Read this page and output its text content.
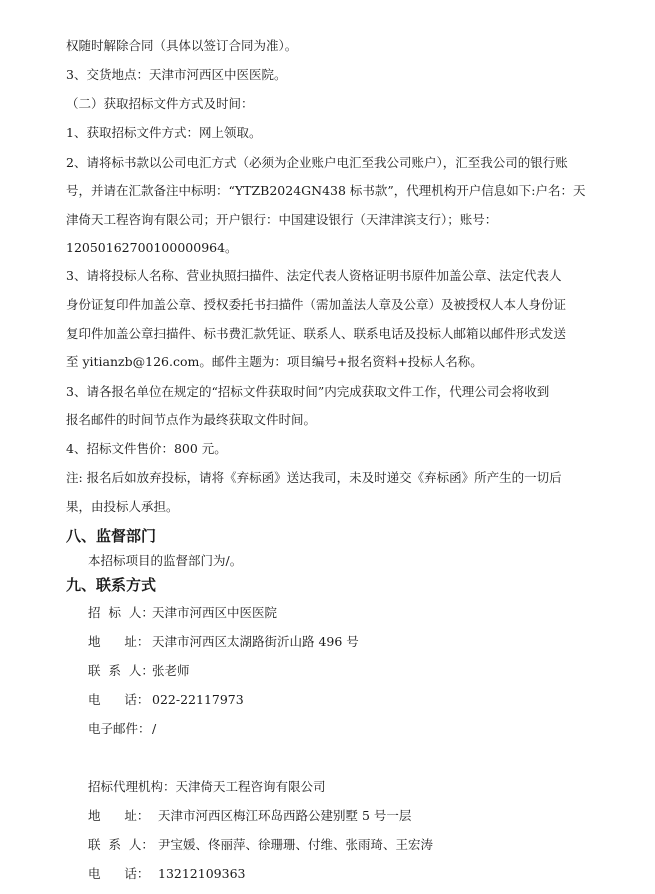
权随时解除合同（具体以签订合同为准）。
3、交货地点：天津市河西区中医医院。
（二）获取招标文件方式及时间：
1、获取招标文件方式：网上领取。
2、请将标书款以公司电汇方式（必须为企业账户电汇至我公司账户），汇至我公司的银行账
号，并请在汇款备注中标明：“YTZB2024GN438 标书款”，代理机构开户信息如下:户名：天
津倚天工程咨询有限公司；开户银行：中国建设银行（天津津滨支行）；账号：
12050162700100000964。
3、请将投标人名称、营业执照扫描件、法定代表人资格证明书原件加盖公章、法定代表人
身份证复印件加盖公章、授权委托书扫描件（需加盖法人章及公章）及被授权人本人身份证
复印件加盖公章扫描件、标书费汇款凭证、联系人、联系电话及投标人邮箱以邮件形式发送
至 yitianzb@126.com。邮件主题为：项目编号+报名资料+投标人名称。
3、请各报名单位在规定的“招标文件获取时间”内完成获取文件工作，代理公司会将收到
报名邮件的时间节点作为最终获取文件时间。
4、招标文件售价：800 元。
注: 报名后如放弃投标，请将《弃标函》送达我司，未及时递交《弃标函》所产生的一切后
果，由投标人承担。
八、监督部门
本招标项目的监督部门为/。
九、联系方式
招  标  人：天津市河西区中医医院
地      址： 天津市河西区太湖路街沂山路 496 号
联  系  人：张老师
电      话： 022-22117973
电子邮件：/
招标代理机构：天津倚天工程咨询有限公司
地      址： 天津市河西区梅江环岛西路公建别墅 5 号一层
联  系  人： 尹宝媛、佟丽萍、徐珊珊、付维、张雨琦、王宏涛
电      话： 13212109363
